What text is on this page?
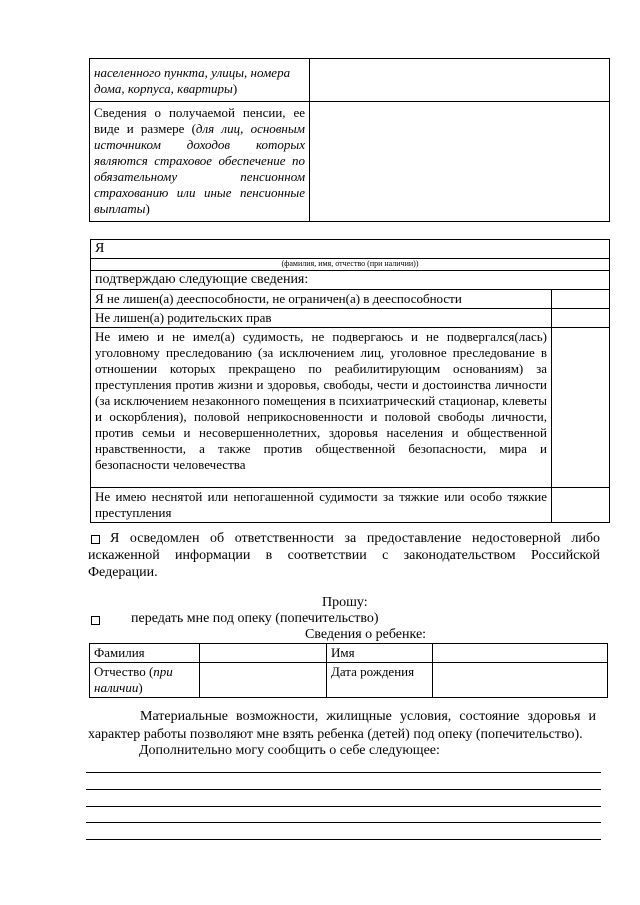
населенного пункта, улицы, номера дома, корпуса, квартиры)	
Сведения о получаемой пенсии, ее виде и размере (для лиц, основным источником доходов которых являются страховое обеспечение по обязательному пенсионном страхованию или иные пенсионные выплаты)	
Я	
(фамилия, имя, отчество (при наличии))	
подтверждаю следующие сведения:	
Я не лишен(а) дееспособности, не ограничен(а) в дееспособности	
Не лишен(а) родительских прав	
Не имею и не имел(а) судимость, не подвергаюсь и не подвергался(лась) уголовному преследованию (за исключением лиц, уголовное преследование в отношении которых прекращено по реабилитирующим основаниям) за преступления против жизни и здоровья, свободы, чести и достоинства личности (за исключением незаконного помещения в психиатрический стационар, клеветы и оскорбления), половой неприкосновенности и половой свободы личности, против семьи и несовершеннолетних, здоровья населения и общественной нравственности, а также против общественной безопасности, мира и безопасности человечества	
Не имею неснятой или непогашенной судимости за тяжкие или особо тяжкие преступления	
Я осведомлен об ответственности за предоставление недостоверной либо искаженной информации в соответствии с законодательством Российской Федерации.
Прошу:
передать мне под опеку (попечительство)
Сведения о ребенке:
Фамилия		Имя	
Отчество (при наличии)		Дата рождения	
Материальные возможности, жилищные условия, состояние здоровья и характер работы позволяют мне взять ребенка (детей) под опеку (попечительство).
Дополнительно могу сообщить о себе следующее:
